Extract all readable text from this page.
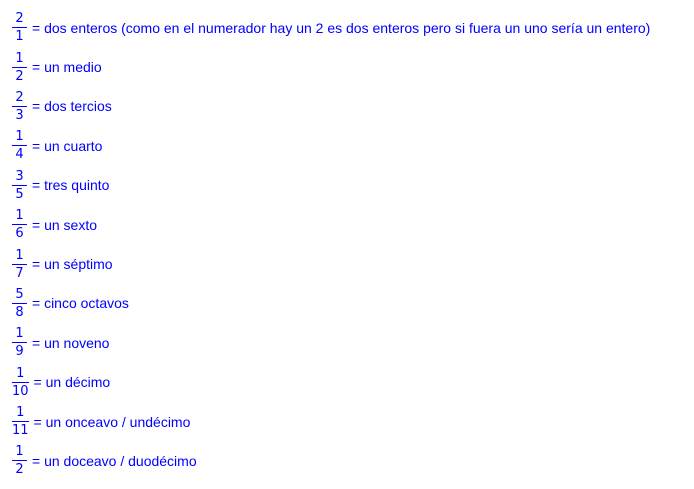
$\frac{2}{1}$ = dos enteros (como en el numerador hay un 2 es dos enteros pero si fuera un uno sería un entero)
$\frac{1}{2}$ = un medio
$\frac{2}{3}$ = dos tercios
$\frac{1}{4}$ = un cuarto
$\frac{3}{5}$ = tres quinto
$\frac{1}{6}$ = un sexto
$\frac{1}{7}$ = un séptimo
$\frac{5}{8}$ = cinco octavos
$\frac{1}{9}$ = un noveno
$\frac{1}{10}$ = un décimo
$\frac{1}{11}$ = un onceavo / undécimo
$\frac{1}{2}$ = un doceavo / duodécimo
